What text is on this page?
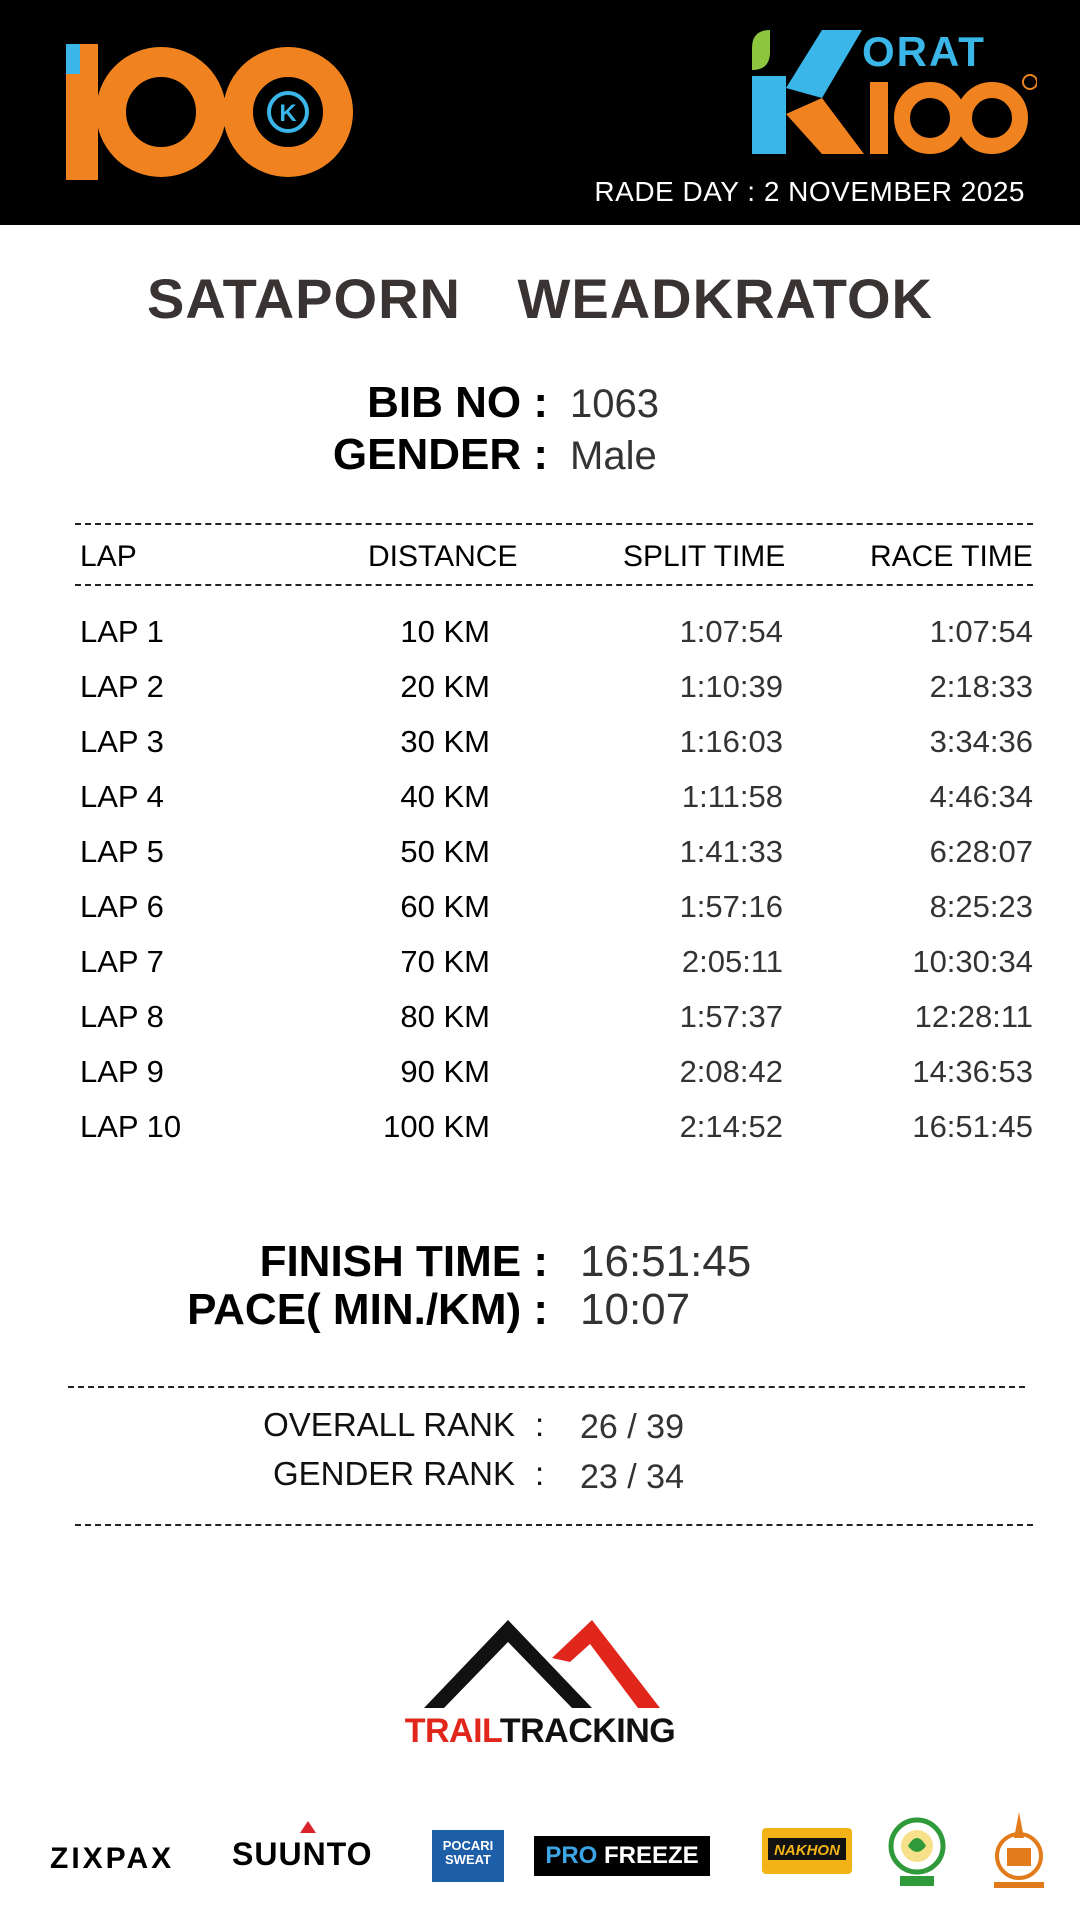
K
ORAT
RADE DAY : 2 NOVEMBER 2025
SATAPORN WEADKRATOK
BIB NO : 1063
GENDER : Male
LAP	DISTANCE	SPLIT TIME	RACE TIME
LAP 1	10 KM	1:07:54	1:07:54
LAP 2	20 KM	1:10:39	2:18:33
LAP 3	30 KM	1:16:03	3:34:36
LAP 4	40 KM	1:11:58	4:46:34
LAP 5	50 KM	1:41:33	6:28:07
LAP 6	60 KM	1:57:16	8:25:23
LAP 7	70 KM	2:05:11	10:30:34
LAP 8	80 KM	1:57:37	12:28:11
LAP 9	90 KM	2:08:42	14:36:53
LAP 10	100 KM	2:14:52	16:51:45
FINISH TIME : 16:51:45
PACE( MIN./KM) : 10:07
OVERALL RANK : 26 / 39
GENDER RANK : 23 / 34
TRAILTRACKING
ZIXPAX SUUNTO	POCARI
SWEAT	PRO FREEZE	NAKHON
